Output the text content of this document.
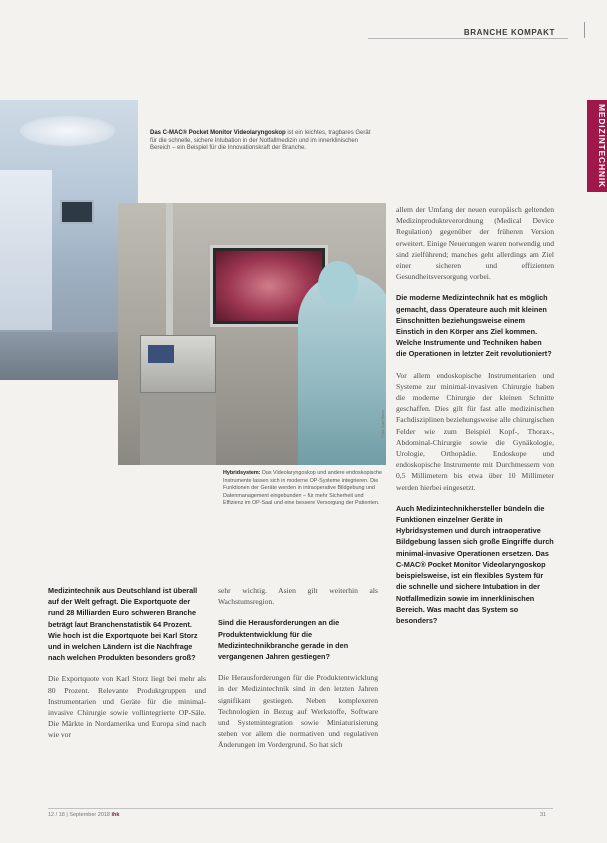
BRANCHE KOMPAKT
MEDIZINTECHNIK
Das C-MAC® Pocket Monitor Videolaryngoskop ist ein leichtes, tragbares Gerät für die schnelle, sichere Intubation in der Notfallmedizin und im innerklinischen Bereich – ein Beispiel für die Innovationskraft der Branche.
Foto: Karl Storz
Hybridsystem: Das Videolaryngoskop und andere endoskopische Instrumente lassen sich in moderne OP-Systeme integrieren. Die Funktionen der Geräte werden in intraoperative Bildgebung und Datenmanagement eingebunden – für mehr Sicherheit und Effizienz im OP-Saal und eine bessere Versorgung der Patienten.

Medizintechnik aus Deutschland ist überall auf der Welt gefragt. Die Exportquote der rund 28 Milliarden Euro schweren Branche beträgt laut Branchenstatistik 64 Prozent. Wie hoch ist die Exportquote bei Karl Storz und in welchen Ländern ist die Nachfrage nach welchen Produkten besonders groß?

Die Exportquote von Karl Storz liegt bei mehr als 80 Prozent. Relevante Produktgruppen und Instrumentarien und Geräte für die minimal-invasive Chirurgie sowie vollintegrierte OP-Säle. Die Märkte in Nordamerika und Europa sind nach wie vor

sehr wichtig. Asien gilt weiterhin als Wachstumsregion.

Sind die Herausforderungen an die Produktentwicklung für die Medizintechnikbranche gerade in den vergangenen Jahren gestiegen?

Die Herausforderungen für die Produktentwicklung in der Medizintechnik sind in den letzten Jahren signifikant gestiegen. Neben komplexeren Technologien in Bezug auf Werkstoffe, Software und Systemintegration sowie Miniaturisierung stehen vor allem die normativen und regulativen Änderungen im Vordergrund. So hat sich

allem der Umfang der neuen europäisch geltenden Medizinprodukteverordnung (Medical Device Regulation) gegenüber der früheren Version erweitert. Einige Neuerungen waren notwendig und sind zielführend; manches geht allerdings am Ziel einer sicheren und effizienten Gesundheitsversorgung vorbei.

Die moderne Medizintechnik hat es möglich gemacht, dass Operateure auch mit kleinen Einschnitten beziehungsweise einem Einstich in den Körper ans Ziel kommen. Welche Instrumente und Techniken haben die Operationen in letzter Zeit revolutioniert?

Vor allem endoskopische Instrumentarien und Systeme zur minimal-invasiven Chirurgie haben die moderne Chirurgie der kleinen Schnitte geschaffen. Dies gilt für fast alle medizinischen Fachdisziplinen beziehungsweise alle chirurgischen Felder wie zum Beispiel Kopf-, Thorax-, Abdominal-Chirurgie sowie die Gynäkologie, Urologie, Orthopädie. Endoskope und endoskopische Instrumente mit Durchmessern von 0,5 Millimetern bis etwa über 10 Millimeter werden hierbei eingesetzt.

Auch Medizintechnikhersteller bündeln die Funktionen einzelner Geräte in Hybridsystemen und durch intraoperative Bildgebung lassen sich große Eingriffe durch minimal-invasive Operationen ersetzen. Das C-MAC® Pocket Monitor Videolaryngoskop beispielsweise, ist ein flexibles System für die schnelle und sichere Intubation in der Notfallmedizin sowie im innerklinischen Bereich. Was macht das System so besonders?

12 / 18 | September 2018 ihk	31
